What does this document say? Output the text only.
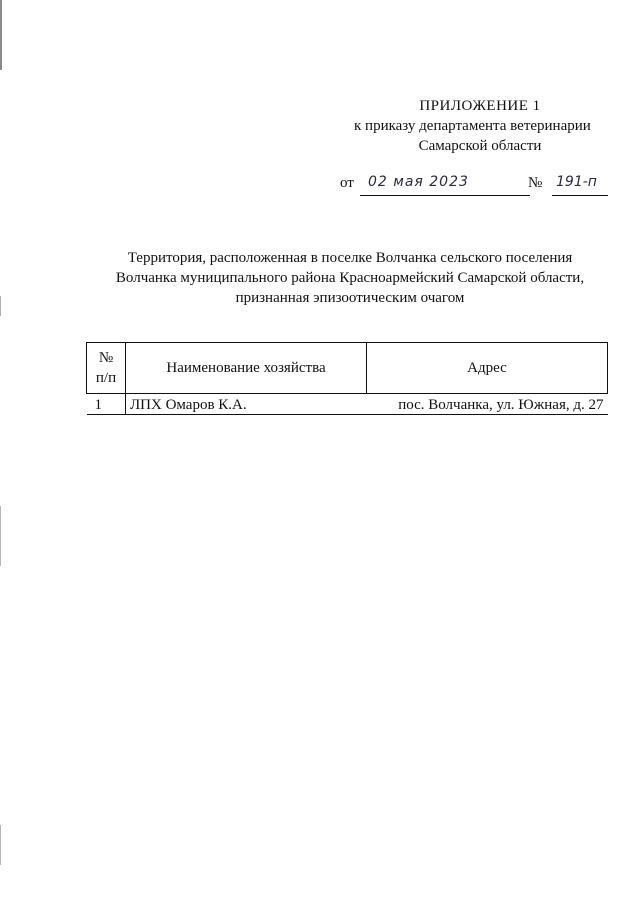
ПРИЛОЖЕНИЕ 1
к приказу департамента ветеринарии
Самарской области
от 02 мая 2023	№ 191-п
Территория, расположенная в поселке Волчанка сельского поселения
Волчанка муниципального района Красноармейский Самарской области,
признанная эпизоотическим очагом
№
п/п	Наименование хозяйства	Адрес
1	ЛПХ Омаров К.А.	пос. Волчанка, ул. Южная, д. 27
